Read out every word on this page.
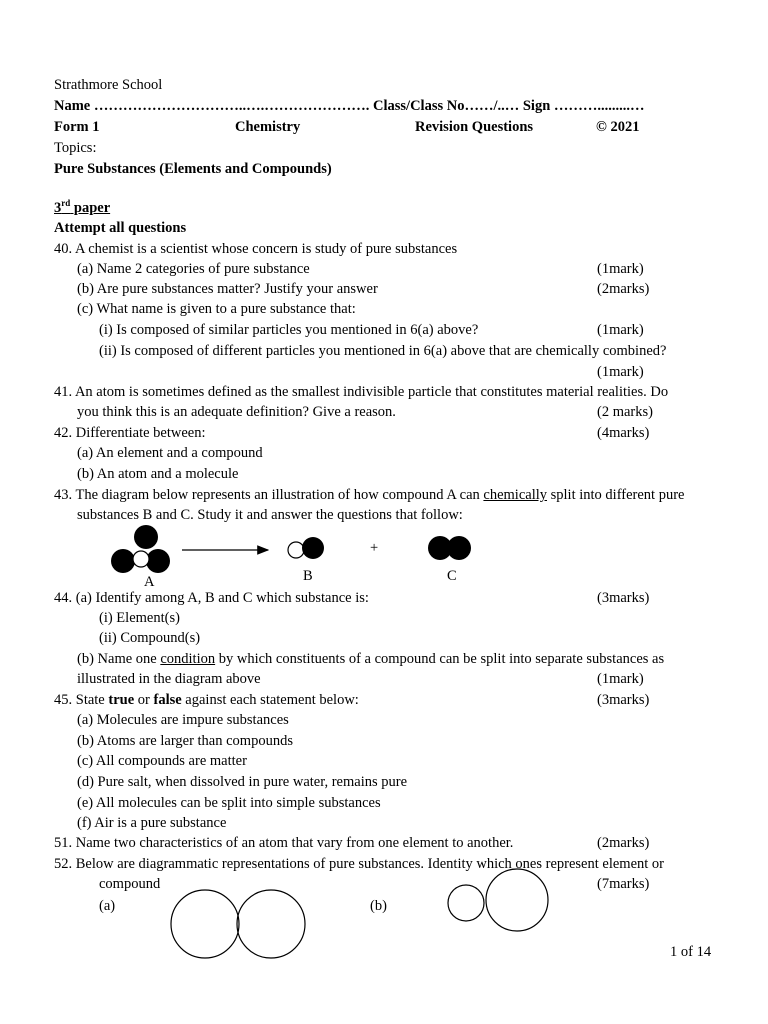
Strathmore School
Name …………………………..….…………………. Class/Class No……/..… Sign ……….........…
Form 1	Chemistry	Revision Questions	© 2021
Topics:
Pure Substances (Elements and Compounds)
3rd paper
Attempt all questions
40. A chemist is a scientist whose concern is study of pure substances
(a) Name 2 categories of pure substance	(1mark)
(b) Are pure substances matter? Justify your answer	(2marks)
(c) What name is given to a pure substance that:
(i) Is composed of similar particles you mentioned in 6(a) above?	(1mark)
(ii) Is composed of different particles you mentioned in 6(a) above that are chemically combined?
(1mark)
41. An atom is sometimes defined as the smallest indivisible particle that constitutes material realities. Do
you think this is an adequate definition? Give a reason.	(2 marks)
42. Differentiate between:	(4marks)
(a) An element and a compound
(b) An atom and a molecule
43. The diagram below represents an illustration of how compound A can chemically split into different pure
substances B and C. Study it and answer the questions that follow:
+
A	B	C
44. (a) Identify among A, B and C which substance is:	(3marks)
(i) Element(s)
(ii) Compound(s)
(b) Name one condition by which constituents of a compound can be split into separate substances as
illustrated in the diagram above	(1mark)
45. State true or false against each statement below:	(3marks)
(a) Molecules are impure substances
(b) Atoms are larger than compounds
(c) All compounds are matter
(d) Pure salt, when dissolved in pure water, remains pure
(e) All molecules can be split into simple substances
(f) Air is a pure substance
51. Name two characteristics of an atom that vary from one element to another.	(2marks)
52. Below are diagrammatic representations of pure substances. Identity which ones represent element or
compound	(7marks)
(a)	(b)
1 of 14
